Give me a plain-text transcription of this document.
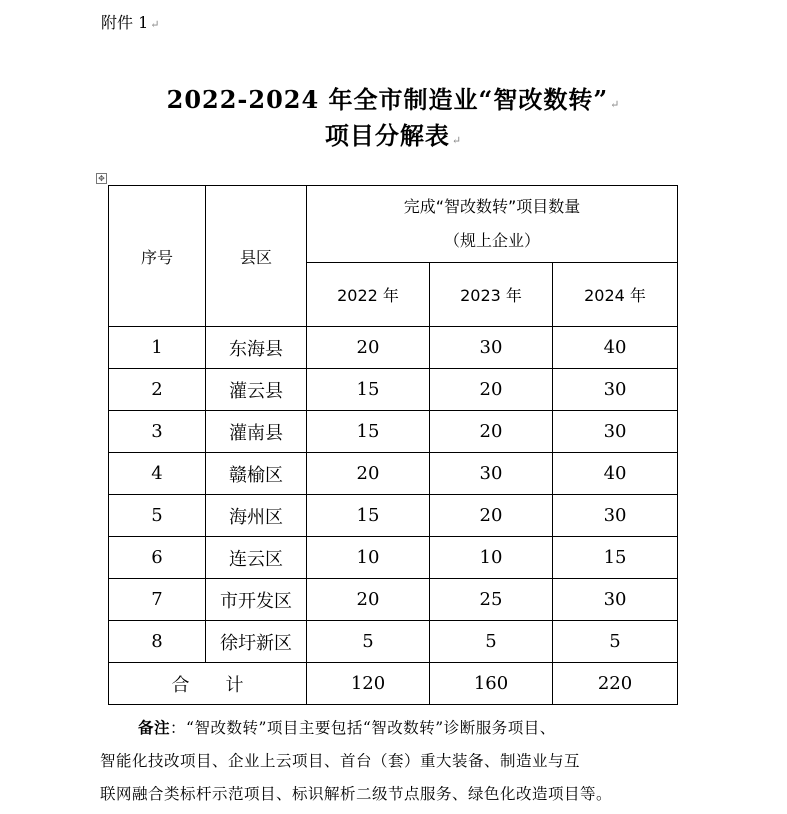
附件 1 ↵
2022-2024 年全市制造业“智改数转” ↵
项目分解表 ↵
✥
序号	县区	完成“智改数转”项目数量
（规上企业）		

		2022 年	2023 年	2024 年
1	东海县	20	30	40
2	灌云县	15	20	30
3	灌南县	15	20	30
4	赣榆区	20	30	40
5	海州区	15	20	30
6	连云区	10	10	15
7	市开发区	20	25	30
8	徐圩新区	5	5	5
合　　计		120	160	220
备注：“智改数转”项目主要包括“智改数转”诊断服务项目、
智能化技改项目、企业上云项目、首台（套）重大装备、制造业与互
联网融合类标杆示范项目、标识解析二级节点服务、绿色化改造项目等。
